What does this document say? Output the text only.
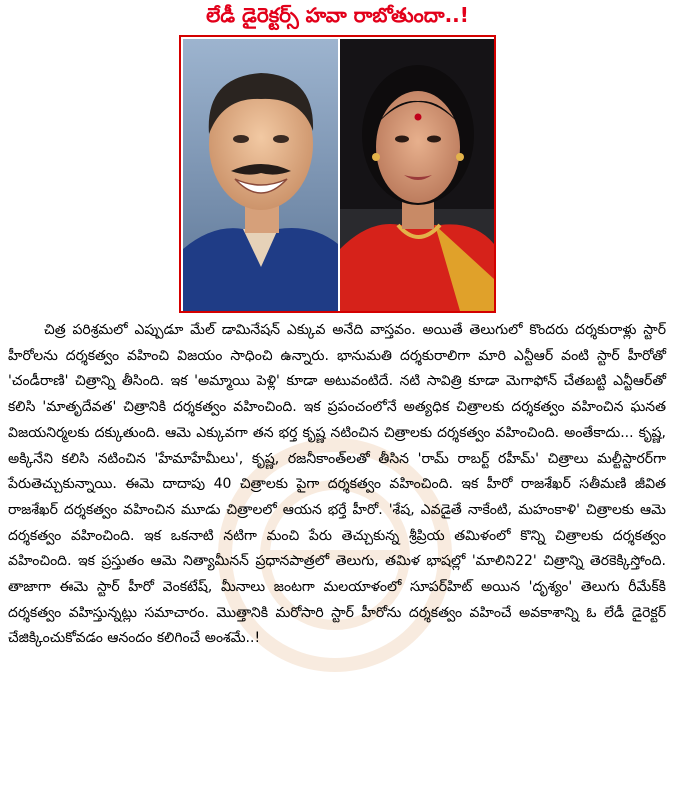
లేడీ డైరెక్టర్స్ హవా రాబోతుందా..!

చిత్ర పరిశ్రమలో ఎప్పుడూ మేల్ డామినేషన్ ఎక్కువ అనేది వాస్తవం. అయితే తెలుగులో కొందరు దర్శకురాళ్లు స్టార్ హీరోలను దర్శకత్వం వహించి విజయం సాధించి ఉన్నారు. భానుమతి దర్శకురాలిగా మారి ఎన్టీఆర్ వంటి స్టార్ హీరోతో 'చండీరాణి' చిత్రాన్ని తీసింది. ఇక 'అమ్మాయి పెళ్లి' కూడా అటువంటిదే. నటి సావిత్రి కూడా మెగాఫోన్ చేతబట్టి ఎన్టీఆర్‌తో కలిసి 'మాతృదేవత' చిత్రానికి దర్శకత్వం వహించింది. ఇక ప్రపంచంలోనే అత్యధిక చిత్రాలకు దర్శకత్వం వహించిన ఘనత విజయనిర్మలకు దక్కుతుంది. ఆమె ఎక్కువగా తన భర్త కృష్ణ నటించిన చిత్రాలకు దర్శకత్వం వహించింది. అంతేకాదు... కృష్ణ, అక్కినేని కలిసి నటించిన 'హేమాహేమీలు', కృష్ణ, రజనీకాంత్‌లతో తీసిన 'రామ్ రాబర్ట్ రహీమ్' చిత్రాలు మల్టీస్టారర్‌గా పేరుతెచ్చుకున్నాయి. ఈమె దాదాపు 40 చిత్రాలకు పైగా దర్శకత్వం వహించింది. ఇక హీరో రాజశేఖర్ సతీమణి జీవిత రాజశేఖర్ దర్శకత్వం వహించిన మూడు చిత్రాలలో ఆయన భర్తే హీరో. 'శేష, ఎవడైతే నాకేంటి, మహంకాళి' చిత్రాలకు ఆమె దర్శకత్వం వహించింది. ఇక ఒకనాటి నటిగా మంచి పేరు తెచ్చుకున్న శ్రీప్రియ తమిళంలో కొన్ని చిత్రాలకు దర్శకత్వం వహించింది. ఇక ప్రస్తుతం ఆమె నిత్యామీనన్ ప్రధానపాత్రలో తెలుగు, తమిళ భాషల్లో 'మాలిని22' చిత్రాన్ని తెరకెక్కిస్తోంది. తాజాగా ఈమె స్టార్ హీరో వెంకటేష్, మీనాలు జంటగా మలయాళంలో సూపర్‌హిట్ అయిన 'దృశ్యం' తెలుగు రీమేక్‌కి దర్శకత్వం వహిస్తున్నట్లు సమాచారం. మొత్తానికి మరోసారి స్టార్ హీరోను దర్శకత్వం వహించే అవకాశాన్ని ఓ లేడీ డైరెక్టర్ చేజిక్కించుకోవడం ఆనందం కలిగించే అంశమే..!
